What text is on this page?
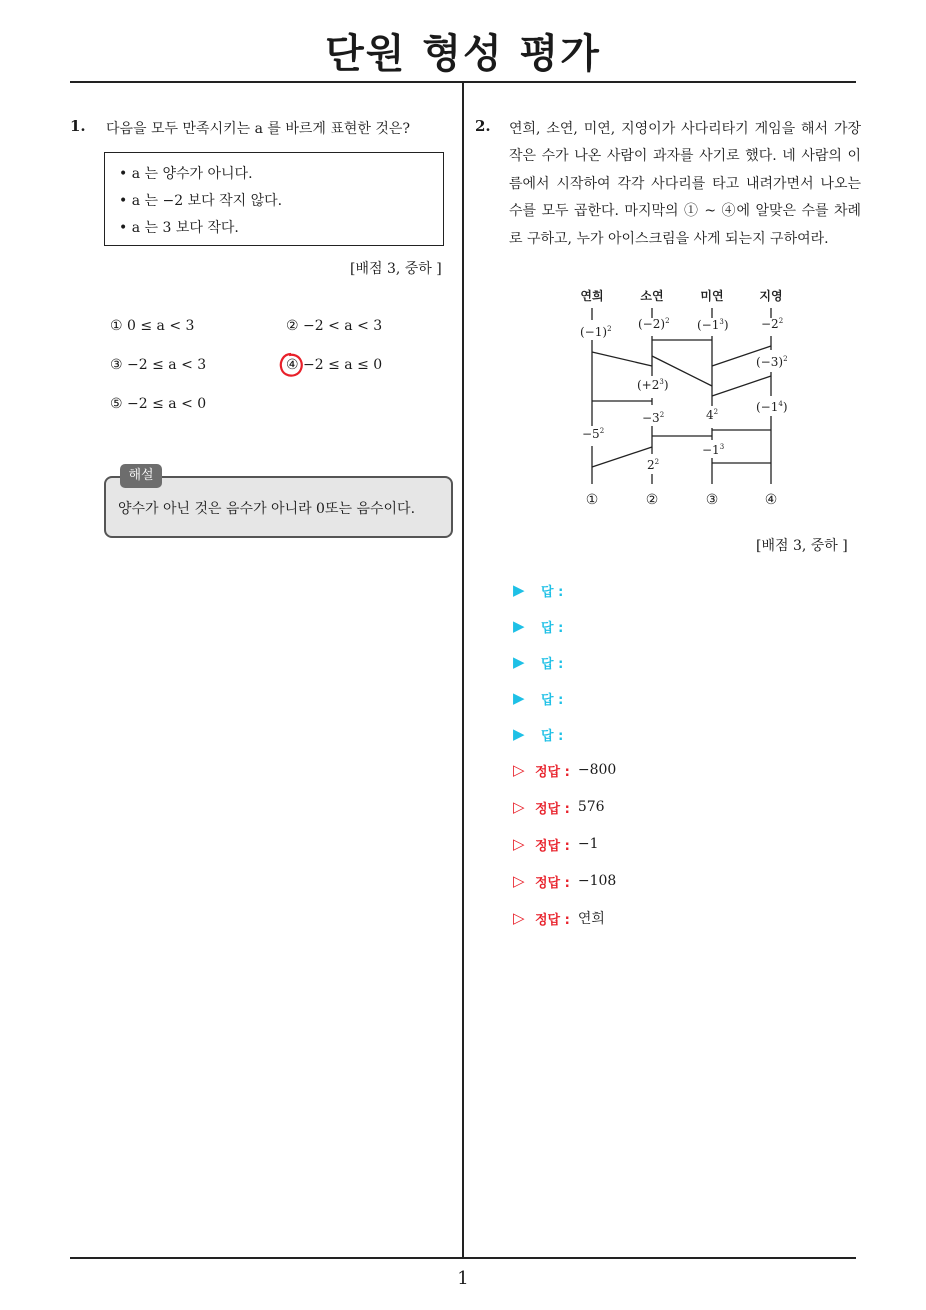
단원 형성 평가
1. 다음을 모두 만족시키는 a 를 바르게 표현한 것은?
• a 는 양수가 아니다.
• a 는 −2 보다 작지 않다.
• a 는 3 보다 작다.
[배점 3, 중하 ]
① 0 ≤ a < 3	② −2 < a < 3
③ −2 ≤ a < 3	④ −2 ≤ a ≤ 0
⑤ −2 ≤ a < 0
해설
양수가 아닌 것은 음수가 아니라 0또는 음수이다.
2. 연희, 소연, 미연, 지영이가 사다리타기 게임을 해서 가장 작은 수가 나온 사람이 과자를 사기로 했다. 네 사람의 이름에서 시작하여 각각 사다리를 타고 내려가면서 나오는 수를 모두 곱한다. 마지막의 ① ~ ④에 알맞은 수를 차례로 구하고, 누가 아이스크림을 사게 되는지 구하여라.
연희	소연	미연	지영
$(-1)^2$ $(-2)^2$ $(-1^3)$	$-2^2$
$(-3)^2$
$(+2^3)$
$(-1^4)$
$-3^2$	$4^2$
$-5^2$
$-1^3$
$2^2$
①	②	③	④
[배점 3, 중하 ]
▶	답 :
▶	답 :
▶	답 :
▶	답 :
▶	답 :
▷ 정답 : −800
▷ 정답 : 576
▷ 정답 : −1
▷ 정답 : −108
▷ 정답 : 연희
1
